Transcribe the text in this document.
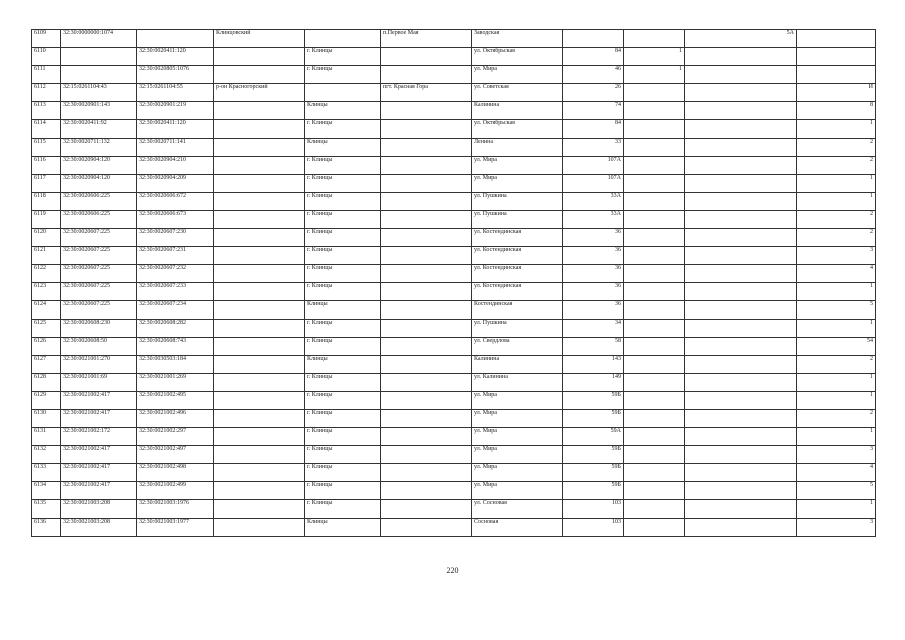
6109	32:30:0000000:1074		Клинцовский		п.Первое Мая	Заводская			5А	
6110		32:30:0020411:120		г. Клинцы		ул. Октябрьская	84	1		
6111		32:30:0020805:1076		г. Клинцы		ул. Мира	46	1		
6112	32:15:0261104:43	32:15:0261104:55	р-он Красногорский		пгт. Красная Гора	ул. Советская	26			И
6113	32:30:0020901:143	32:30:0020901:219		Клинцы		Калинина	74			8
6114	32:30:0020411:92	32:30:0020411:120		г. Клинцы		ул. Октябрьская	84			1
6115	32:30:0020711:132	32:30:0020711:141		Клинцы		Ленина	33			2
6116	32:30:0020904:120	32:30:0020904:210		г. Клинцы		ул. Мира	107А			2
6117	32:30:0020904:120	32:30:0020904:209		г. Клинцы		ул. Мира	107А			1
6118	32:30:0020606:225	32:30:0020606:672		г. Клинцы		ул. Пушкина	33А			1
6119	32:30:0020606:225	32:30:0020606:673		г. Клинцы		ул. Пушкина	33А			2
6120	32:30:0020607:225	32:30:0020607:230		г. Клинцы		ул. Костендинская	36			2
6121	32:30:0020607:225	32:30:0020607:231		г. Клинцы		ул. Костендинская	36			3
6122	32:30:0020607:225	32:30:0020607:232		г. Клинцы		ул. Костендинская	36			4
6123	32:30:0020607:225	32:30:0020607:233		г. Клинцы		ул. Костендинская	36			1
6124	32:30:0020607:225	32:30:0020607:234		Клинцы		Костендинская	36			5
6125	32:30:0020608:230	32:30:0020608:282		г. Клинцы		ул. Пушкина	34			1
6126	32:30:0020608:50	32:30:0020608:743		г. Клинцы		ул. Свердлова	58			54
6127	32:30:0021001:270	32:30:0030503:184		Клинцы		Калинина	143			2
6128	32:30:0021001:69	32:30:0021001:269		г. Клинцы		ул. Калинина	149			1
6129	32:30:0021002:417	32:30:0021002:495		г. Клинцы		ул. Мира	59Б			1
6130	32:30:0021002:417	32:30:0021002:496		г. Клинцы		ул. Мира	59Б			2
6131	32:30:0021002:172	32:30:0021002:297		г. Клинцы		ул. Мира	59А			1
6132	32:30:0021002:417	32:30:0021002:497		г. Клинцы		ул. Мира	59Б			3
6133	32:30:0021002:417	32:30:0021002:498		г. Клинцы		ул. Мира	59Б			4
6134	32:30:0021002:417	32:30:0021002:499		г. Клинцы		ул. Мира	59Б			5
6135	32:30:0021003:208	32:30:0021003:1976		г. Клинцы		ул. Сосновая	103			1
6136	32:30:0021003:208	32:30:0021003:1977		Клинцы		Сосновая	103			3
220
